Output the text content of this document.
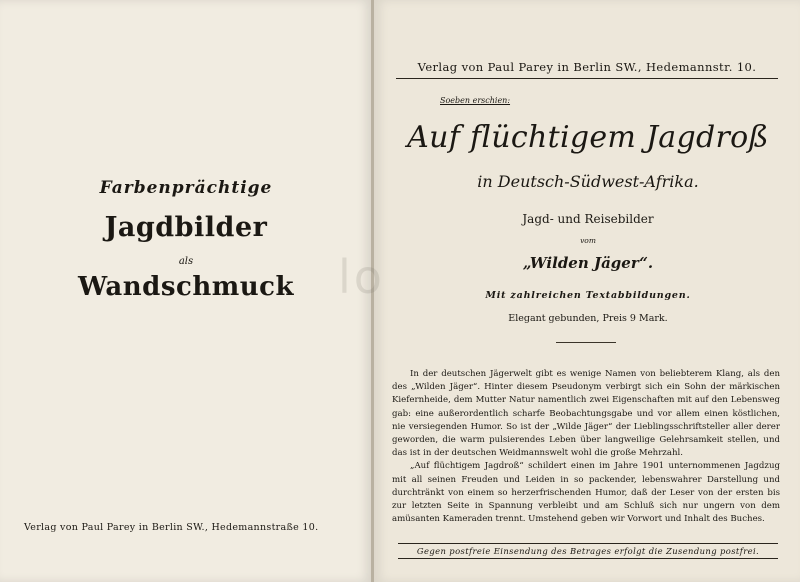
Farbenprächtige
Jagdbilder
als
Wandschmuck
Verlag von Paul Parey in Berlin SW., Hedemannstraße 10.
Verlag von Paul Parey in Berlin SW., Hedemannstr. 10.
Soeben erschien:
Auf flüchtigem Jagdroß
in Deutsch-Südwest-Afrika.
Jagd- und Reisebilder
vom
„Wilden Jäger“.
Mit zahlreichen Textabbildungen.
Elegant gebunden, Preis 9 Mark.

In der deutschen Jägerwelt gibt es wenige Namen von beliebterem Klang, als den des „Wilden Jäger“. Hinter diesem Pseudonym verbirgt sich ein Sohn der märkischen Kiefernheide, dem Mutter Natur namentlich zwei Eigenschaften mit auf den Lebensweg gab: eine außerordentlich scharfe Beobachtungsgabe und vor allem einen köstlichen, nie versiegenden Humor. So ist der „Wilde Jäger“ der Lieblingsschriftsteller aller derer geworden, die warm pulsierendes Leben über langweilige Gelehrsamkeit stellen, und das ist in der deutschen Weidmannswelt wohl die große Mehrzahl.

„Auf flüchtigem Jagdroß“ schildert einen im Jahre 1901 unternommenen Jagdzug mit all seinen Freuden und Leiden in so packender, lebenswahrer Darstellung und durchtränkt von einem so herzerfrischenden Humor, daß der Leser von der ersten bis zur letzten Seite in Spannung verbleibt und am Schluß sich nur ungern von dem amüsanten Kameraden trennt. Umstehend geben wir Vorwort und Inhalt des Buches.

Gegen postfreie Einsendung des Betrages erfolgt die Zusendung postfrei.
lo
